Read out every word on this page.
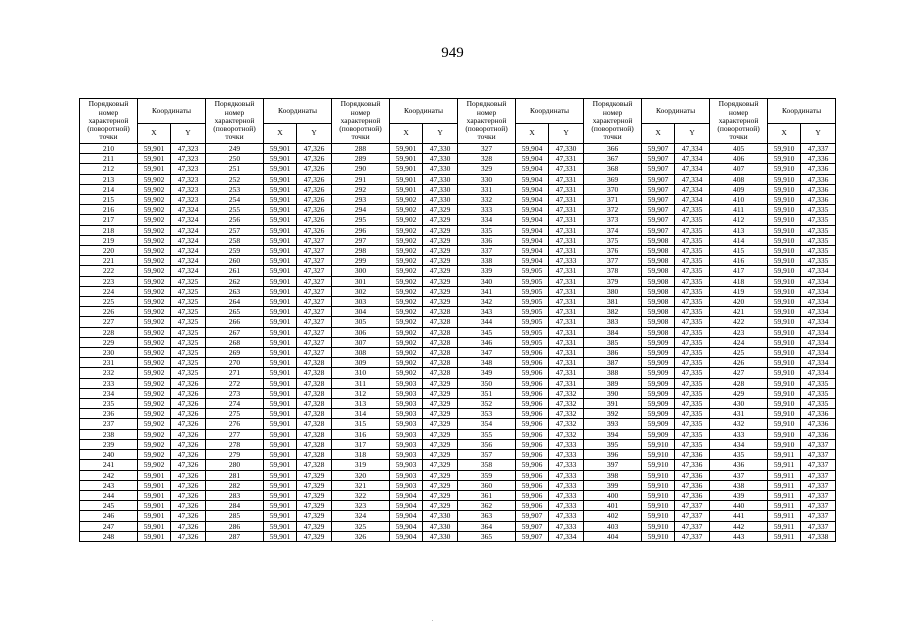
949
Порядковый номер характерной (поворотной) точки	Координаты		Порядковый номер характерной (поворотной) точки	Координаты		Порядковый номер характерной (поворотной) точки	Координаты		Порядковый номер характерной (поворотной) точки	Координаты		Порядковый номер характерной (поворотной) точки	Координаты		Порядковый номер характерной (поворотной) точки	Координаты	
	X	Y		X	Y		X	Y		X	Y		X	Y		X	Y
210	59,901	47,323	249	59,901	47,326	288	59,901	47,330	327	59,904	47,330	366	59,907	47,334	405	59,910	47,337
211	59,901	47,323	250	59,901	47,326	289	59,901	47,330	328	59,904	47,331	367	59,907	47,334	406	59,910	47,336
212	59,901	47,323	251	59,901	47,326	290	59,901	47,330	329	59,904	47,331	368	59,907	47,334	407	59,910	47,336
213	59,902	47,323	252	59,901	47,326	291	59,901	47,330	330	59,904	47,331	369	59,907	47,334	408	59,910	47,336
214	59,902	47,323	253	59,901	47,326	292	59,901	47,330	331	59,904	47,331	370	59,907	47,334	409	59,910	47,336
215	59,902	47,323	254	59,901	47,326	293	59,902	47,330	332	59,904	47,331	371	59,907	47,334	410	59,910	47,336
216	59,902	47,324	255	59,901	47,326	294	59,902	47,329	333	59,904	47,331	372	59,907	47,335	411	59,910	47,335
217	59,902	47,324	256	59,901	47,326	295	59,902	47,329	334	59,904	47,331	373	59,907	47,335	412	59,910	47,335
218	59,902	47,324	257	59,901	47,326	296	59,902	47,329	335	59,904	47,331	374	59,907	47,335	413	59,910	47,335
219	59,902	47,324	258	59,901	47,327	297	59,902	47,329	336	59,904	47,331	375	59,908	47,335	414	59,910	47,335
220	59,902	47,324	259	59,901	47,327	298	59,902	47,329	337	59,904	47,331	376	59,908	47,335	415	59,910	47,335
221	59,902	47,324	260	59,901	47,327	299	59,902	47,329	338	59,904	47,333	377	59,908	47,335	416	59,910	47,335
222	59,902	47,324	261	59,901	47,327	300	59,902	47,329	339	59,905	47,331	378	59,908	47,335	417	59,910	47,334
223	59,902	47,325	262	59,901	47,327	301	59,902	47,329	340	59,905	47,331	379	59,908	47,335	418	59,910	47,334
224	59,902	47,325	263	59,901	47,327	302	59,902	47,329	341	59,905	47,331	380	59,908	47,335	419	59,910	47,334
225	59,902	47,325	264	59,901	47,327	303	59,902	47,329	342	59,905	47,331	381	59,908	47,335	420	59,910	47,334
226	59,902	47,325	265	59,901	47,327	304	59,902	47,328	343	59,905	47,331	382	59,908	47,335	421	59,910	47,334
227	59,902	47,325	266	59,901	47,327	305	59,902	47,328	344	59,905	47,331	383	59,908	47,335	422	59,910	47,334
228	59,902	47,325	267	59,901	47,327	306	59,902	47,328	345	59,905	47,331	384	59,908	47,335	423	59,910	47,334
229	59,902	47,325	268	59,901	47,327	307	59,902	47,328	346	59,905	47,331	385	59,909	47,335	424	59,910	47,334
230	59,902	47,325	269	59,901	47,327	308	59,902	47,328	347	59,906	47,331	386	59,909	47,335	425	59,910	47,334
231	59,902	47,325	270	59,901	47,328	309	59,902	47,328	348	59,906	47,331	387	59,909	47,335	426	59,910	47,334
232	59,902	47,325	271	59,901	47,328	310	59,902	47,328	349	59,906	47,331	388	59,909	47,335	427	59,910	47,334
233	59,902	47,326	272	59,901	47,328	311	59,903	47,329	350	59,906	47,331	389	59,909	47,335	428	59,910	47,335
234	59,902	47,326	273	59,901	47,328	312	59,903	47,329	351	59,906	47,332	390	59,909	47,335	429	59,910	47,335
235	59,902	47,326	274	59,901	47,328	313	59,903	47,329	352	59,906	47,332	391	59,909	47,335	430	59,910	47,335
236	59,902	47,326	275	59,901	47,328	314	59,903	47,329	353	59,906	47,332	392	59,909	47,335	431	59,910	47,336
237	59,902	47,326	276	59,901	47,328	315	59,903	47,329	354	59,906	47,332	393	59,909	47,335	432	59,910	47,336
238	59,902	47,326	277	59,901	47,328	316	59,903	47,329	355	59,906	47,332	394	59,909	47,335	433	59,910	47,336
239	59,902	47,326	278	59,901	47,328	317	59,903	47,329	356	59,906	47,333	395	59,910	47,335	434	59,910	47,337
240	59,902	47,326	279	59,901	47,328	318	59,903	47,329	357	59,906	47,333	396	59,910	47,336	435	59,911	47,337
241	59,902	47,326	280	59,901	47,328	319	59,903	47,329	358	59,906	47,333	397	59,910	47,336	436	59,911	47,337
242	59,901	47,326	281	59,901	47,329	320	59,903	47,329	359	59,906	47,333	398	59,910	47,336	437	59,911	47,337
243	59,901	47,326	282	59,901	47,329	321	59,903	47,329	360	59,906	47,333	399	59,910	47,336	438	59,911	47,337
244	59,901	47,326	283	59,901	47,329	322	59,904	47,329	361	59,906	47,333	400	59,910	47,336	439	59,911	47,337
245	59,901	47,326	284	59,901	47,329	323	59,904	47,329	362	59,906	47,333	401	59,910	47,337	440	59,911	47,337
246	59,901	47,326	285	59,901	47,329	324	59,904	47,330	363	59,907	47,333	402	59,910	47,337	441	59,911	47,337
247	59,901	47,326	286	59,901	47,329	325	59,904	47,330	364	59,907	47,333	403	59,910	47,337	442	59,911	47,337
248	59,901	47,326	287	59,901	47,329	326	59,904	47,330	365	59,907	47,334	404	59,910	47,337	443	59,911	47,338
